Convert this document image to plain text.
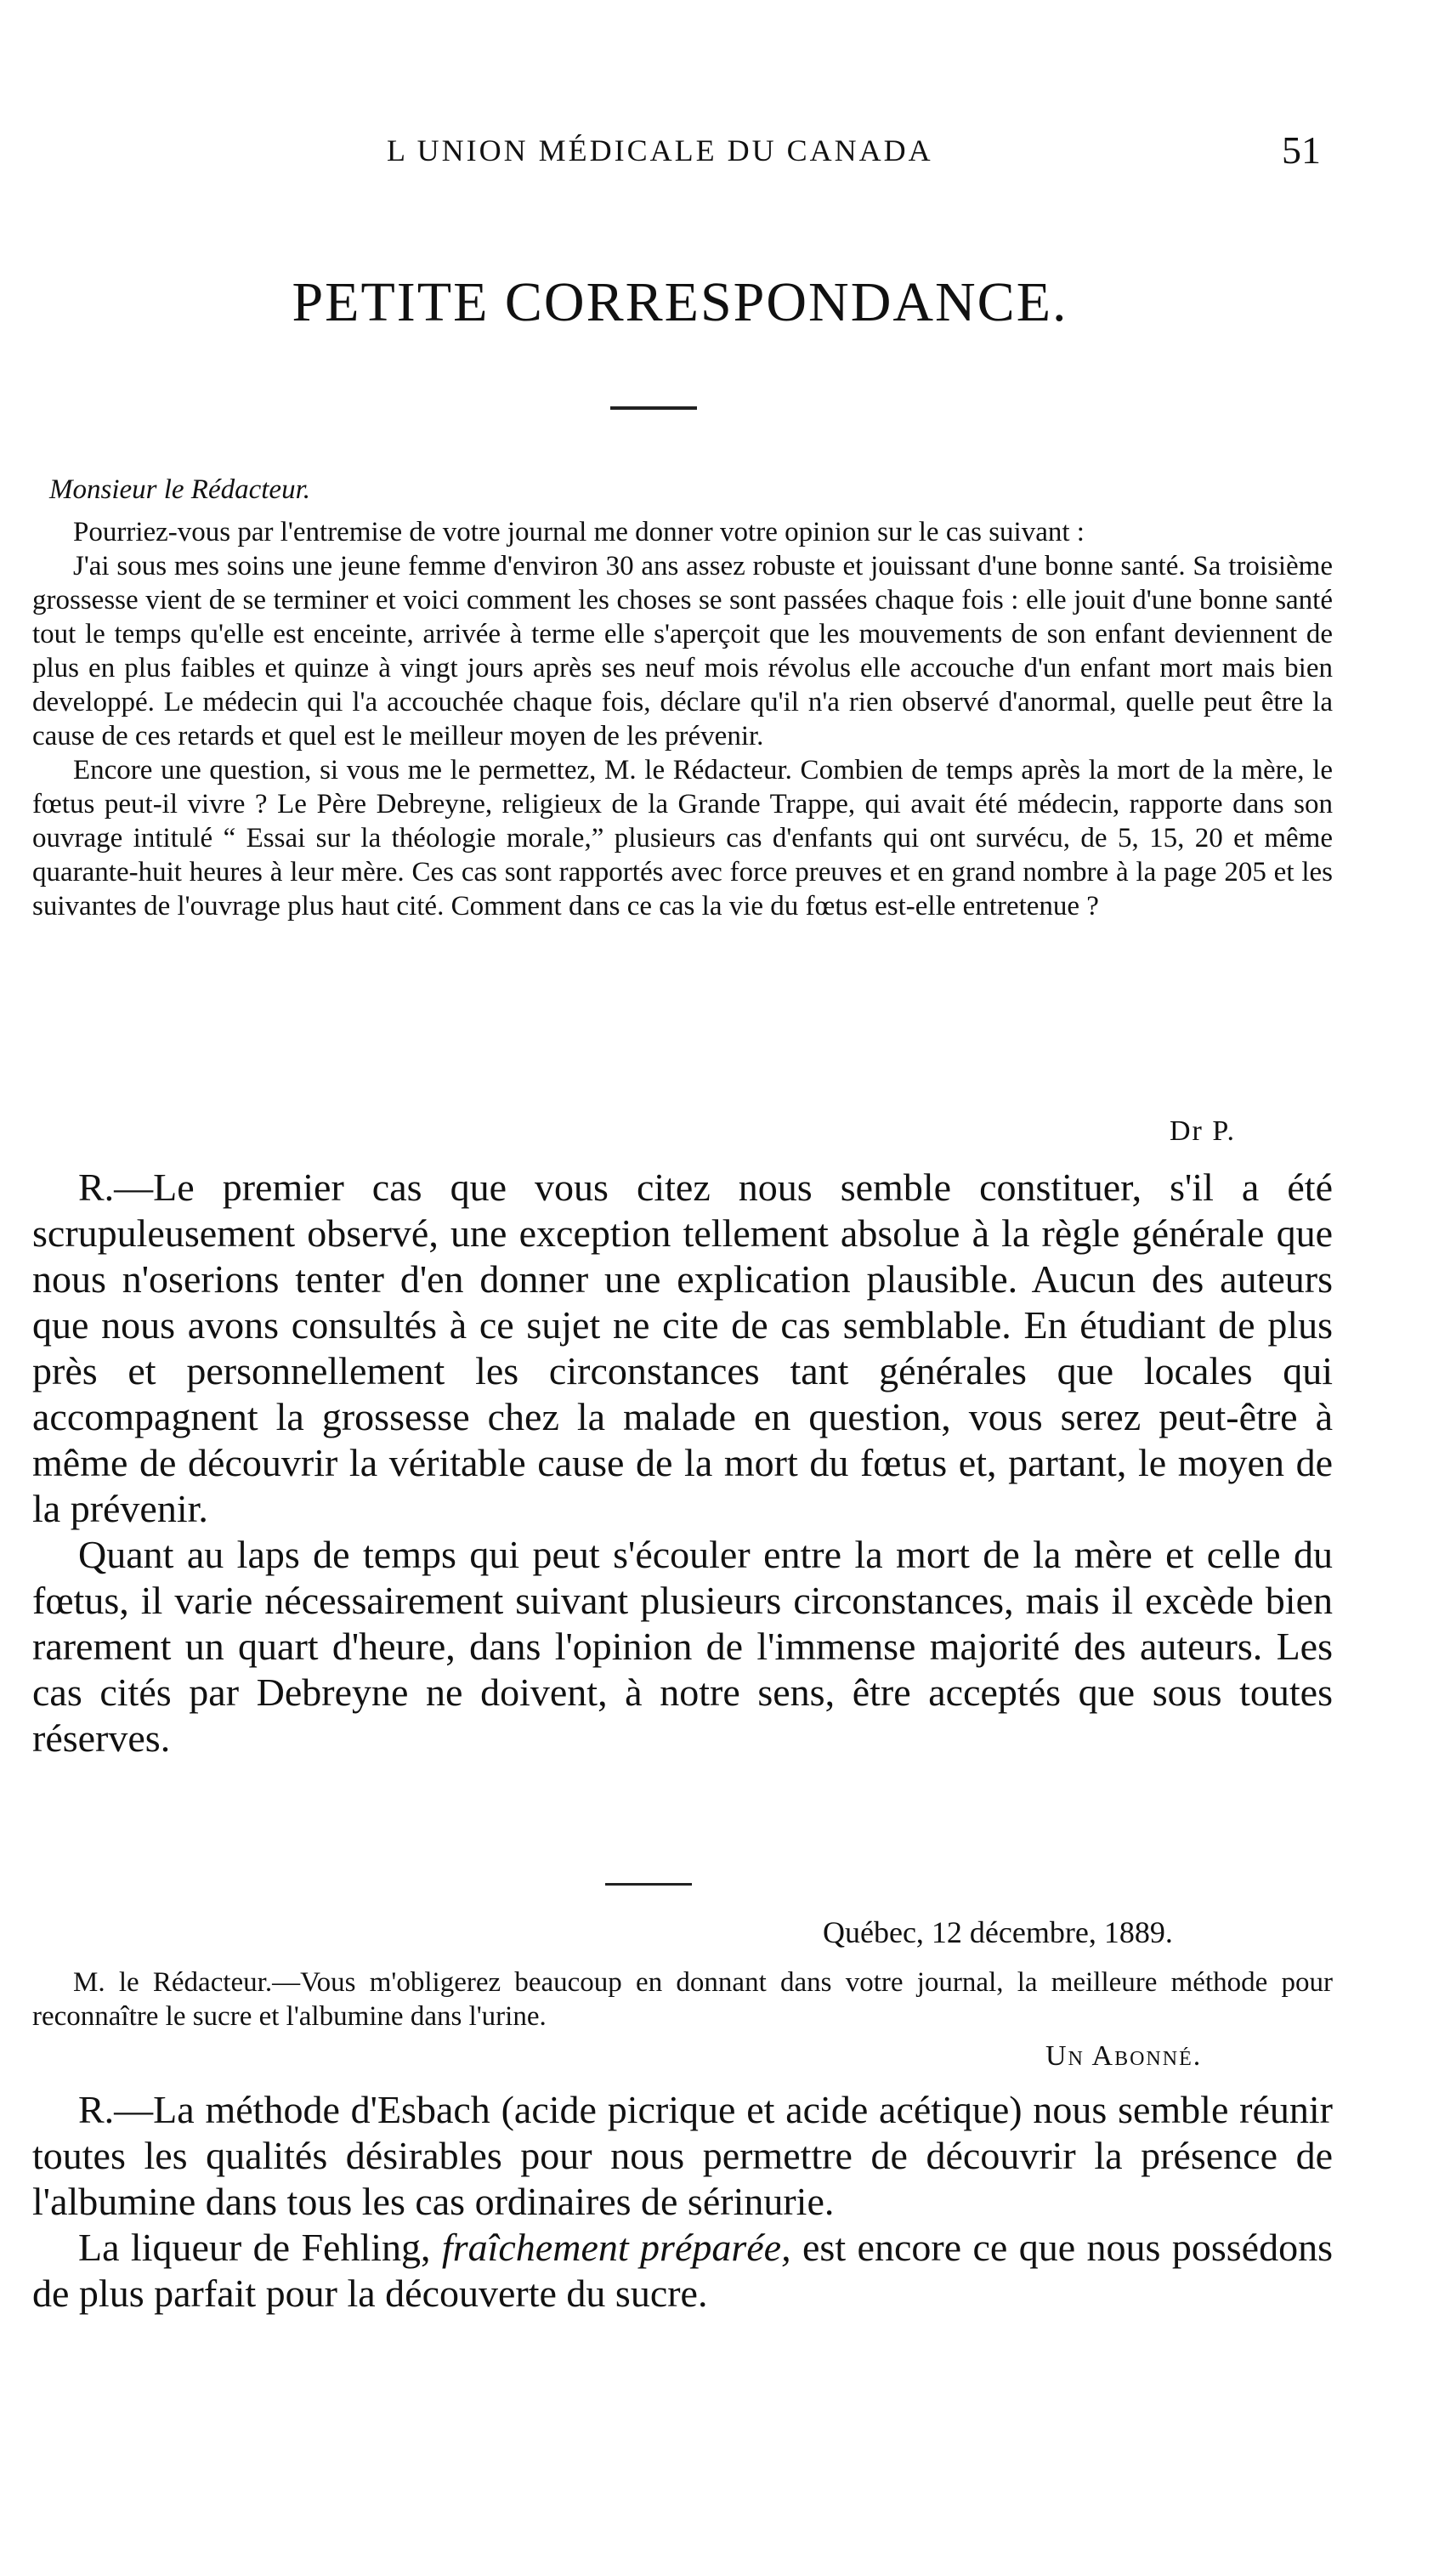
L UNION MÉDICALE DU CANADA	51
PETITE CORRESPONDANCE.

Monsieur le Rédacteur.

Pourriez-vous par l'entremise de votre journal me donner votre opinion sur le cas suivant :

J'ai sous mes soins une jeune femme d'environ 30 ans assez robuste et jouissant d'une bonne santé. Sa troisième grossesse vient de se terminer et voici comment les choses se sont passées chaque fois : elle jouit d'une bonne santé tout le temps qu'elle est enceinte, arrivée à terme elle s'aperçoit que les mouvements de son enfant deviennent de plus en plus faibles et quinze à vingt jours après ses neuf mois révolus elle accouche d'un enfant mort mais bien developpé. Le médecin qui l'a accouchée chaque fois, déclare qu'il n'a rien observé d'anormal, quelle peut être la cause de ces retards et quel est le meilleur moyen de les prévenir.

Encore une question, si vous me le permettez, M. le Rédacteur. Combien de temps après la mort de la mère, le fœtus peut-il vivre ? Le Père Debreyne, religieux de la Grande Trappe, qui avait été médecin, rapporte dans son ouvrage intitulé “ Essai sur la théologie morale,” plusieurs cas d'enfants qui ont survécu, de 5, 15, 20 et même quarante-huit heures à leur mère. Ces cas sont rapportés avec force preuves et en grand nombre à la page 205 et les suivantes de l'ouvrage plus haut cité. Comment dans ce cas la vie du fœtus est-elle entretenue ?

Dr P.

R.—Le premier cas que vous citez nous semble constituer, s'il a été scrupuleusement observé, une exception tellement absolue à la règle générale que nous n'oserions tenter d'en donner une explication plausible. Aucun des auteurs que nous avons consultés à ce sujet ne cite de cas semblable. En étudiant de plus près et personnellement les circonstances tant générales que locales qui accompagnent la grossesse chez la malade en question, vous serez peut-être à même de découvrir la véritable cause de la mort du fœtus et, partant, le moyen de la prévenir.

Quant au laps de temps qui peut s'écouler entre la mort de la mère et celle du fœtus, il varie nécessairement suivant plusieurs circonstances, mais il excède bien rarement un quart d'heure, dans l'opinion de l'immense majorité des auteurs. Les cas cités par Debreyne ne doivent, à notre sens, être acceptés que sous toutes réserves.

Québec, 12 décembre, 1889.

M. le Rédacteur.—Vous m'obligerez beaucoup en donnant dans votre journal, la meilleure méthode pour reconnaître le sucre et l'albumine dans l'urine.

Un Abonné.

R.—La méthode d'Esbach (acide picrique et acide acétique) nous semble réunir toutes les qualités désirables pour nous permettre de découvrir la présence de l'albumine dans tous les cas ordinaires de sérinurie.

La liqueur de Fehling, fraîchement préparée, est encore ce que nous possédons de plus parfait pour la découverte du sucre.
